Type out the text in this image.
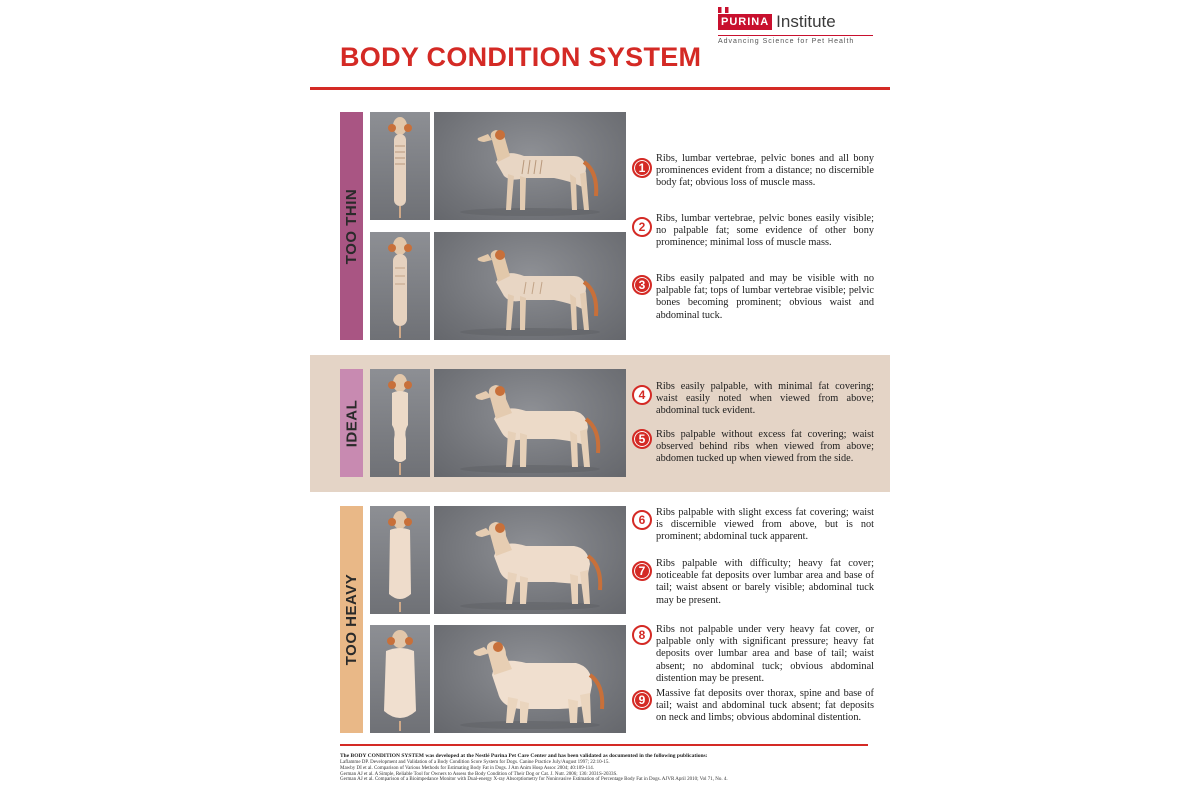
PURINA Institute
Advancing Science for Pet Health
BODY CONDITION SYSTEM
TOO THIN
IDEAL
TOO HEAVY
1
Ribs, lumbar vertebrae, pelvic bones and all bony prominences evident from a distance; no discernible body fat; obvious loss of muscle mass.
2
Ribs, lumbar vertebrae, pelvic bones easily visible; no palpable fat; some evidence of other bony prominence; minimal loss of muscle mass.
3 Ribs easily palpated and may be visible with no palpable fat; tops of lumbar vertebrae visible; pelvic bones becoming prominent; obvious waist and abdominal tuck.
4
Ribs easily palpable, with minimal fat covering; waist easily noted when viewed from above; abdominal tuck evident.
5 Ribs palpable without excess fat covering; waist observed behind ribs when viewed from above; abdomen tucked up when viewed from the side.
6
Ribs palpable with slight excess fat covering; waist is discernible viewed from above, but is not prominent; abdominal tuck apparent.
7
Ribs palpable with difficulty; heavy fat cover; noticeable fat deposits over lumbar area and base of tail; waist absent or barely visible; abdominal tuck may be present.
8 Ribs not palpable under very heavy fat cover, or palpable only with significant pressure; heavy fat deposits over lumbar area and base of tail; waist absent; no abdominal tuck; obvious abdominal distention may be present.
9 Massive fat deposits over thorax, spine and base of tail; waist and abdominal tuck absent; fat deposits on neck and limbs; obvious abdominal distention.
The BODY CONDITION SYSTEM was developed at the Nestlé Purina Pet Care Center and has been validated as documented in the following publications:
Laflamme DP. Development and Validation of a Body Condition Score System for Dogs. Canine Practice July/August 1997; 22:10-15.
Mawby DI et al. Comparison of Various Methods for Estimating Body Fat in Dogs. J Am Anim Hosp Assoc 2004; 40:109-114.
German AJ et al. A Simple, Reliable Tool for Owners to Assess the Body Condition of Their Dog or Cat. J. Nutr. 2006; 136: 2031S-2033S.
German AJ et al. Comparison of a Bioimpedance Monitor with Dual-energy X-ray Absorptiometry for Noninvasive Estimation of Percentage Body Fat in Dogs. AJVR April 2010; Vol 71, No. 4.
